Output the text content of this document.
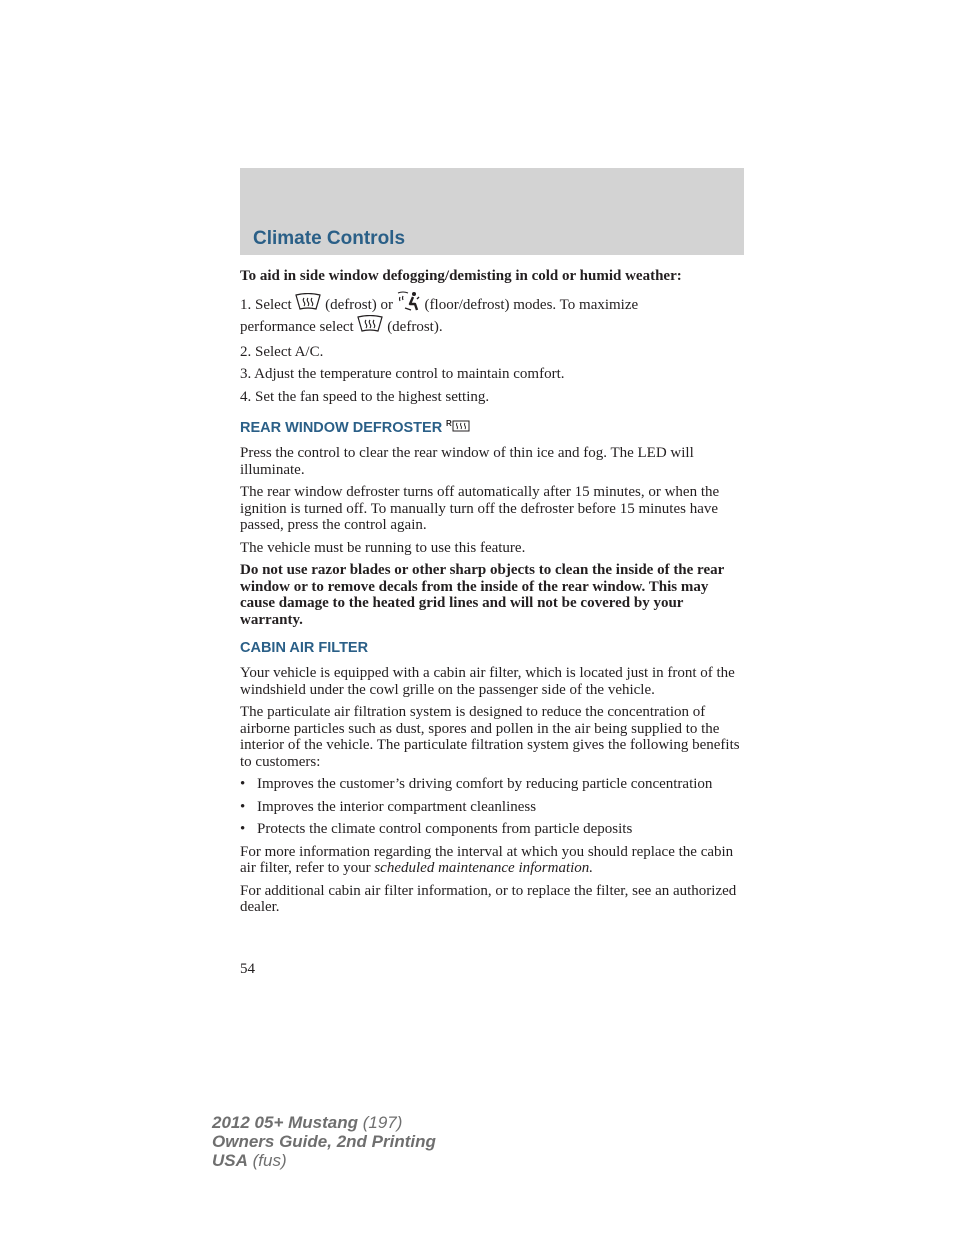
Climate Controls

To aid in side window defogging/demisting in cold or humid weather:

1. Select (defrost) or (floor/defrost) modes. To maximize
performance select (defrost).

2. Select A/C.

3. Adjust the temperature control to maintain comfort.

4. Set the fan speed to the highest setting.

REAR WINDOW DEFROSTER R

Press the control to clear the rear window of thin ice and fog. The LED will illuminate.

The rear window defroster turns off automatically after 15 minutes, or when the ignition is turned off. To manually turn off the defroster before 15 minutes have passed, press the control again.

The vehicle must be running to use this feature.

Do not use razor blades or other sharp objects to clean the inside of the rear window or to remove decals from the inside of the rear window. This may cause damage to the heated grid lines and will not be covered by your warranty.

CABIN AIR FILTER

Your vehicle is equipped with a cabin air filter, which is located just in front of the windshield under the cowl grille on the passenger side of the vehicle.

The particulate air filtration system is designed to reduce the concentration of airborne particles such as dust, spores and pollen in the air being supplied to the interior of the vehicle. The particulate filtration system gives the following benefits to customers:

• Improves the customer’s driving comfort by reducing particle concentration
• Improves the interior compartment cleanliness
• Protects the climate control components from particle deposits

For more information regarding the interval at which you should replace the cabin air filter, refer to your scheduled maintenance information.

For additional cabin air filter information, or to replace the filter, see an authorized dealer.

54
2012 05+ Mustang (197)
Owners Guide, 2nd Printing
USA (fus)
